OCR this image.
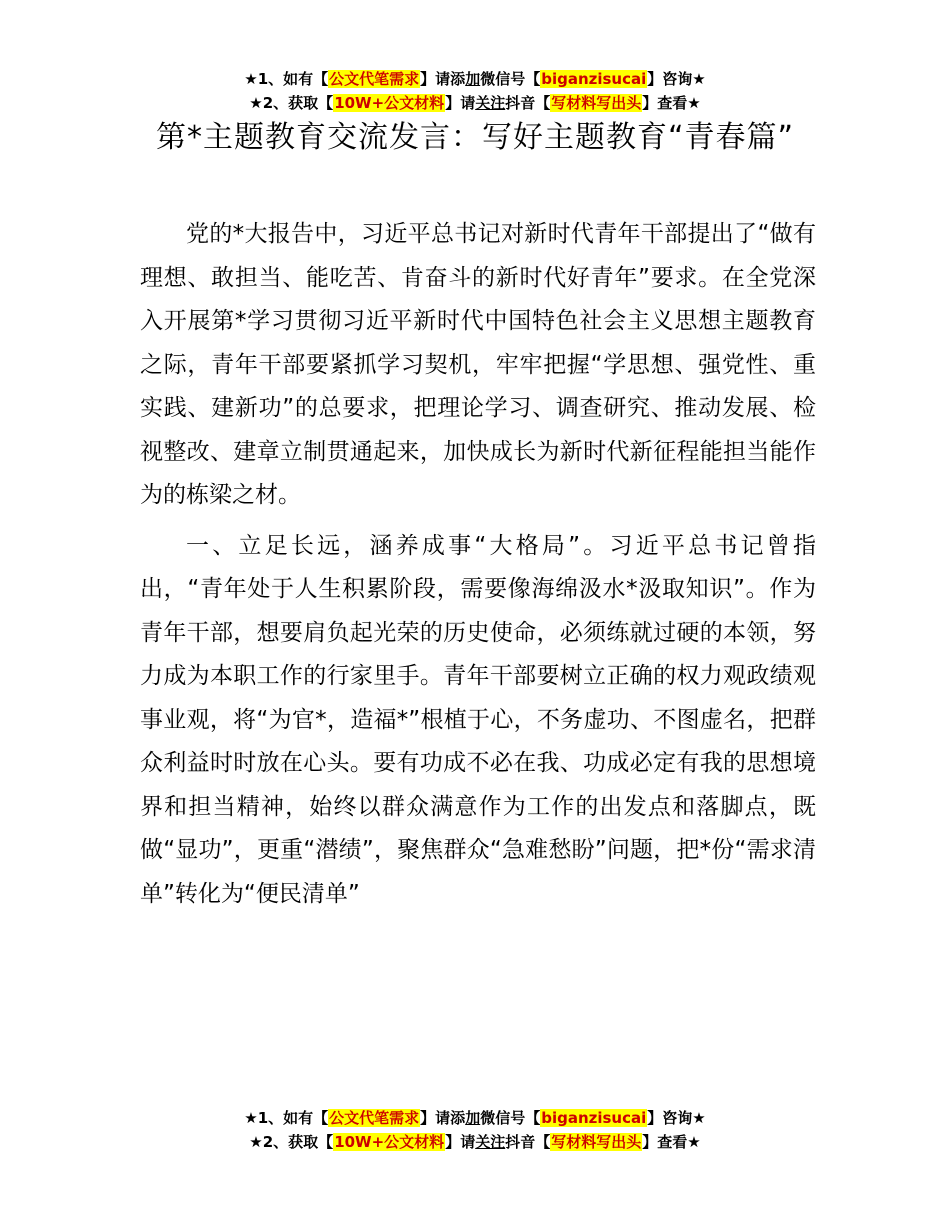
★1、如有【公文代笔需求】请添加微信号【biganzisucai】咨询★
★2、获取【10W+公文材料】请关注抖音【写材料写出头】查看★
第*主题教育交流发言：写好主题教育“青春篇”

党的*大报告中，习近平总书记对新时代青年干部提出了“做有理想、敢担当、能吃苦、肯奋斗的新时代好青年”要求。在全党深入开展第*学习贯彻习近平新时代中国特色社会主义思想主题教育之际，青年干部要紧抓学习契机，牢牢把握“学思想、强党性、重实践、建新功”的总要求，把理论学习、调查研究、推动发展、检视整改、建章立制贯通起来，加快成长为新时代新征程能担当能作为的栋梁之材。

一、立足长远，涵养成事“大格局”。习近平总书记曾指出，“青年处于人生积累阶段，需要像海绵汲水*汲取知识”。作为青年干部，想要肩负起光荣的历史使命，必须练就过硬的本领，努力成为本职工作的行家里手。青年干部要树立正确的权力观政绩观事业观，将“为官*，造福*”根植于心，不务虚功、不图虚名，把群众利益时时放在心头。要有功成不必在我、功成必定有我的思想境界和担当精神，始终以群众满意作为工作的出发点和落脚点，既做“显功”，更重“潜绩”，聚焦群众“急难愁盼”问题，把*份“需求清单”转化为“便民清单”

★1、如有【公文代笔需求】请添加微信号【biganzisucai】咨询★
★2、获取【10W+公文材料】请关注抖音【写材料写出头】查看★
